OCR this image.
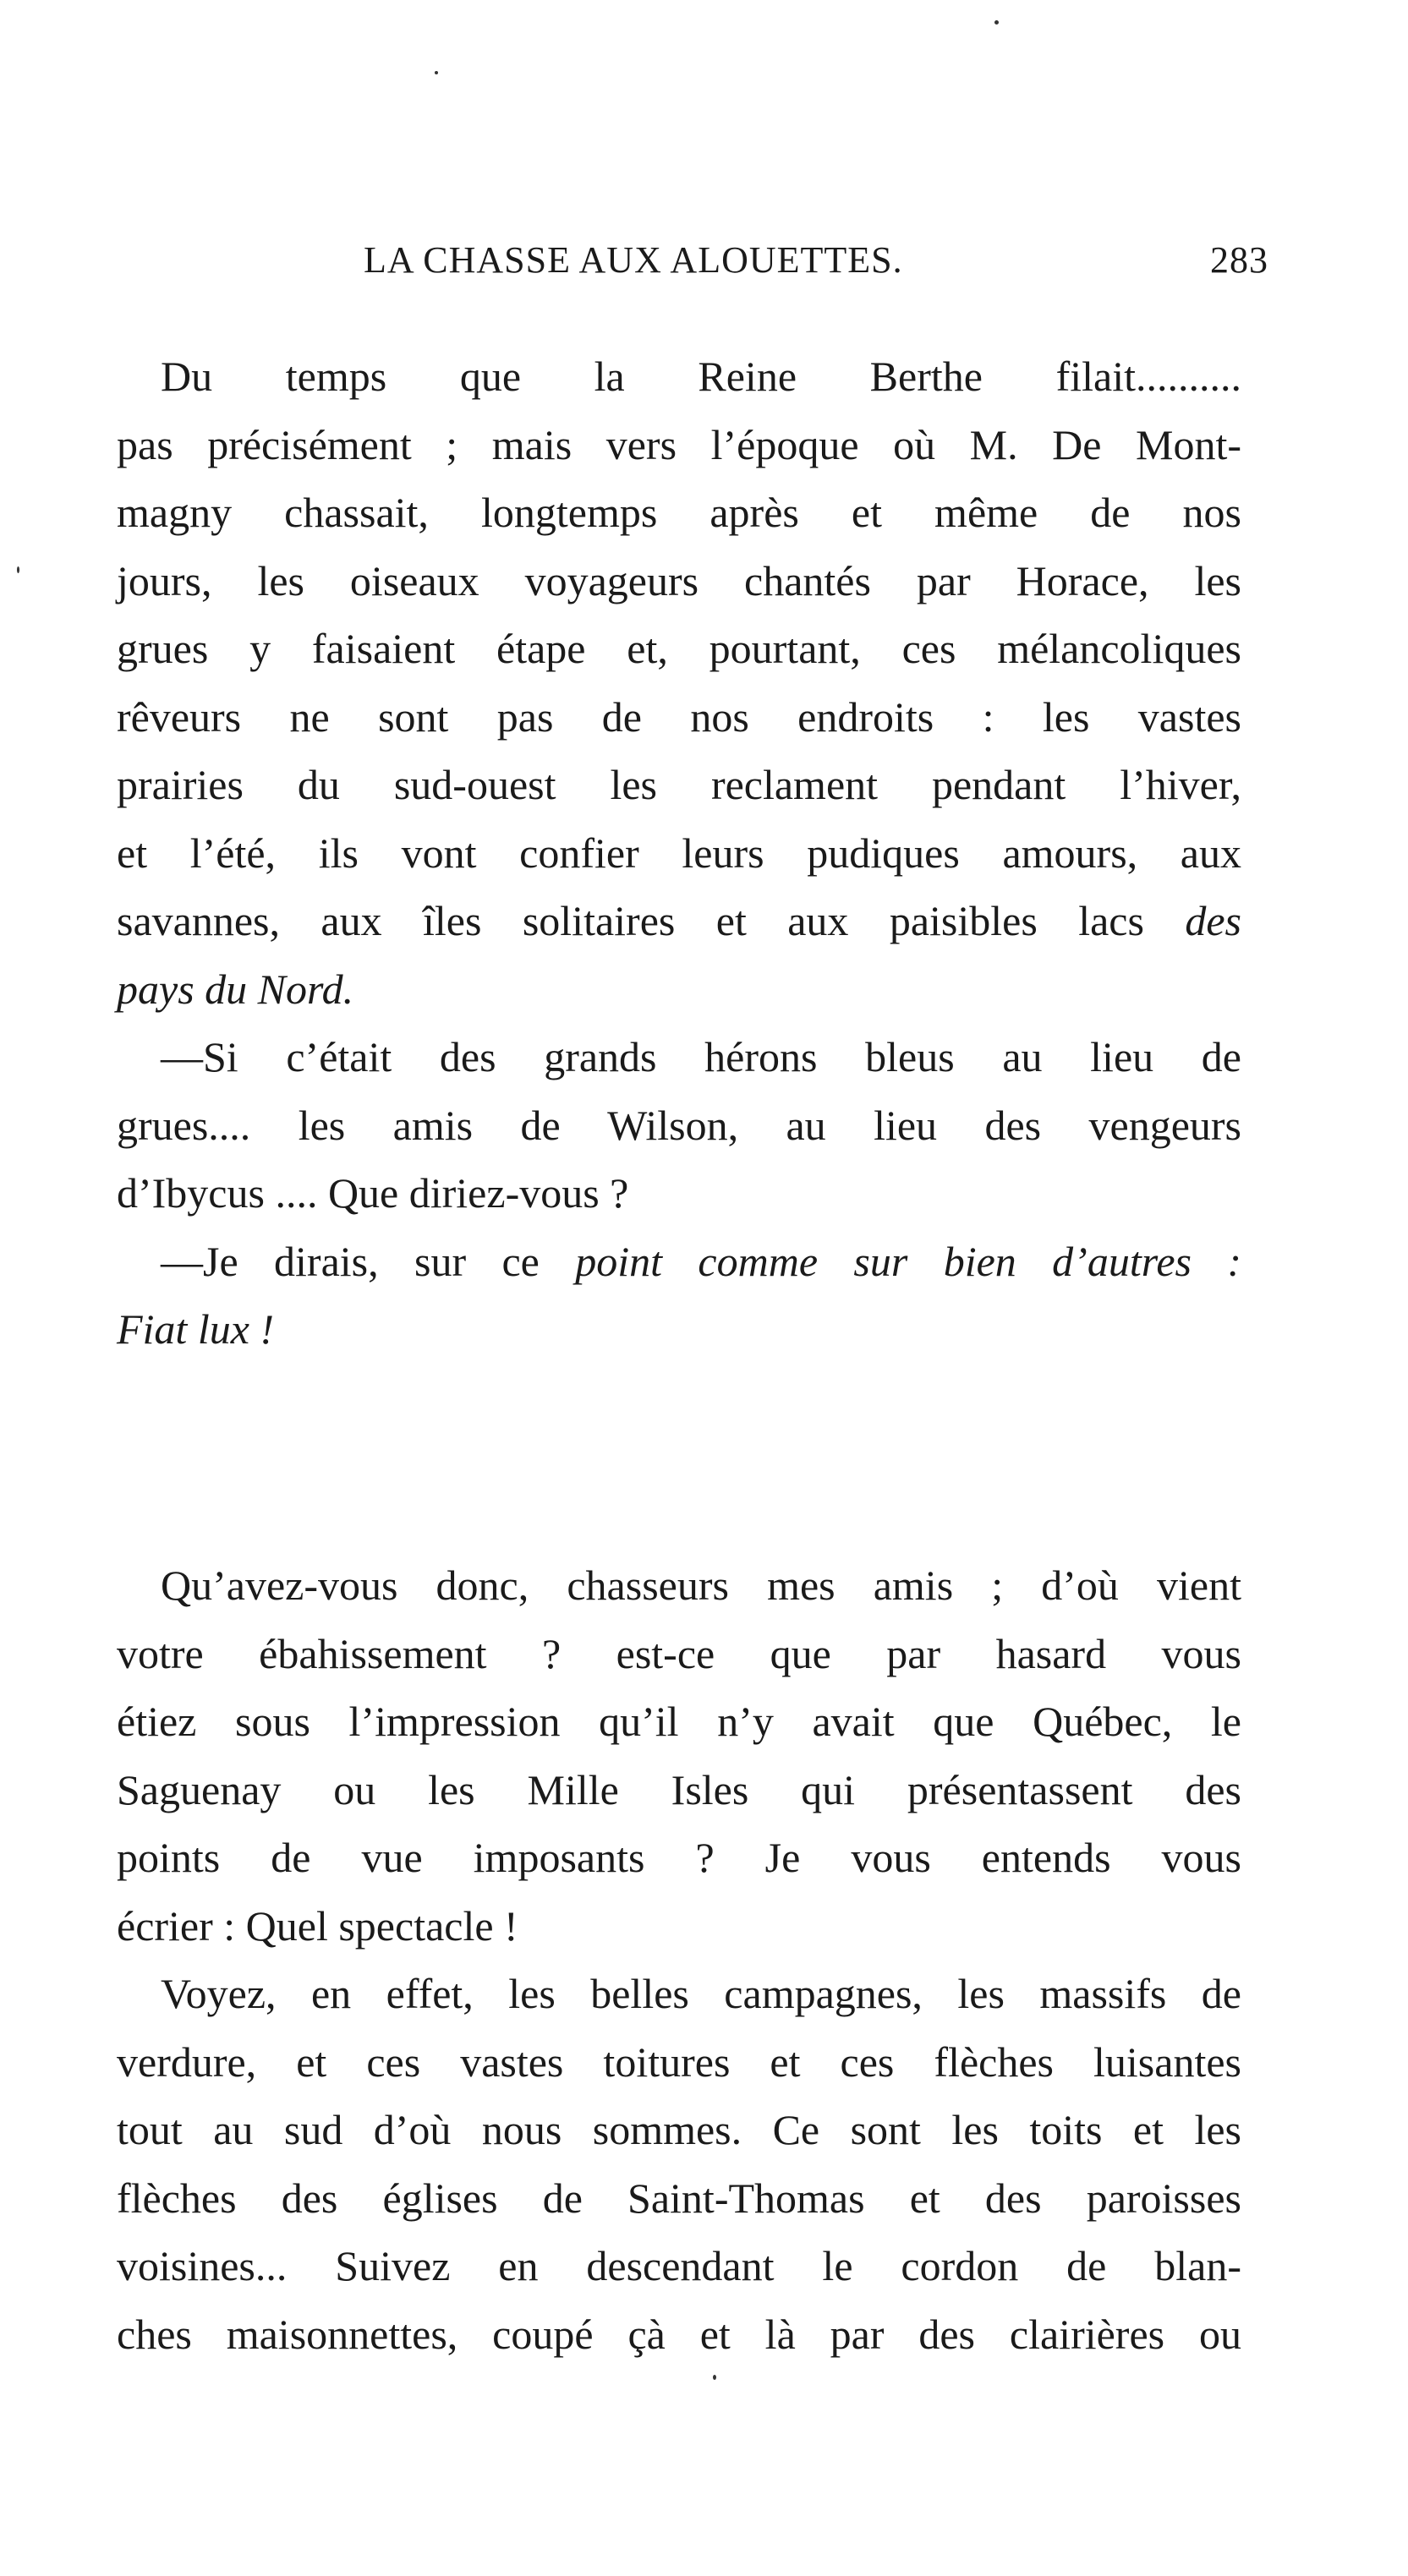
LA CHASSE AUX ALOUETTES.	283
Du temps que la Reine Berthe filait..........
pas précisément ; mais vers l’époque où M. De Mont-
magny chassait, longtemps après et même de nos
jours, les oiseaux voyageurs chantés par Horace, les
grues y faisaient étape et, pourtant, ces mélancoliques
rêveurs ne sont pas de nos endroits : les vastes
prairies du sud-ouest les reclament pendant l’hiver,
et l’été, ils vont confier leurs pudiques amours, aux
savannes, aux îles solitaires et aux paisibles lacs des
pays du Nord.
—Si c’était des grands hérons bleus au lieu de
grues.... les amis de Wilson, au lieu des vengeurs
d’Ibycus .... Que diriez-vous ?
—Je dirais, sur ce point comme sur bien d’autres :
Fiat lux !
Qu’avez-vous donc, chasseurs mes amis ; d’où vient
votre ébahissement ? est-ce que par hasard vous
étiez sous l’impression qu’il n’y avait que Québec, le
Saguenay ou les Mille Isles qui présentassent des
points de vue imposants ? Je vous entends vous
écrier : Quel spectacle !
Voyez, en effet, les belles campagnes, les massifs de
verdure, et ces vastes toitures et ces flèches luisantes
tout au sud d’où nous sommes. Ce sont les toits et les
flèches des églises de Saint-Thomas et des paroisses
voisines... Suivez en descendant le cordon de blan-
ches maisonnettes, coupé çà et là par des clairières ou
